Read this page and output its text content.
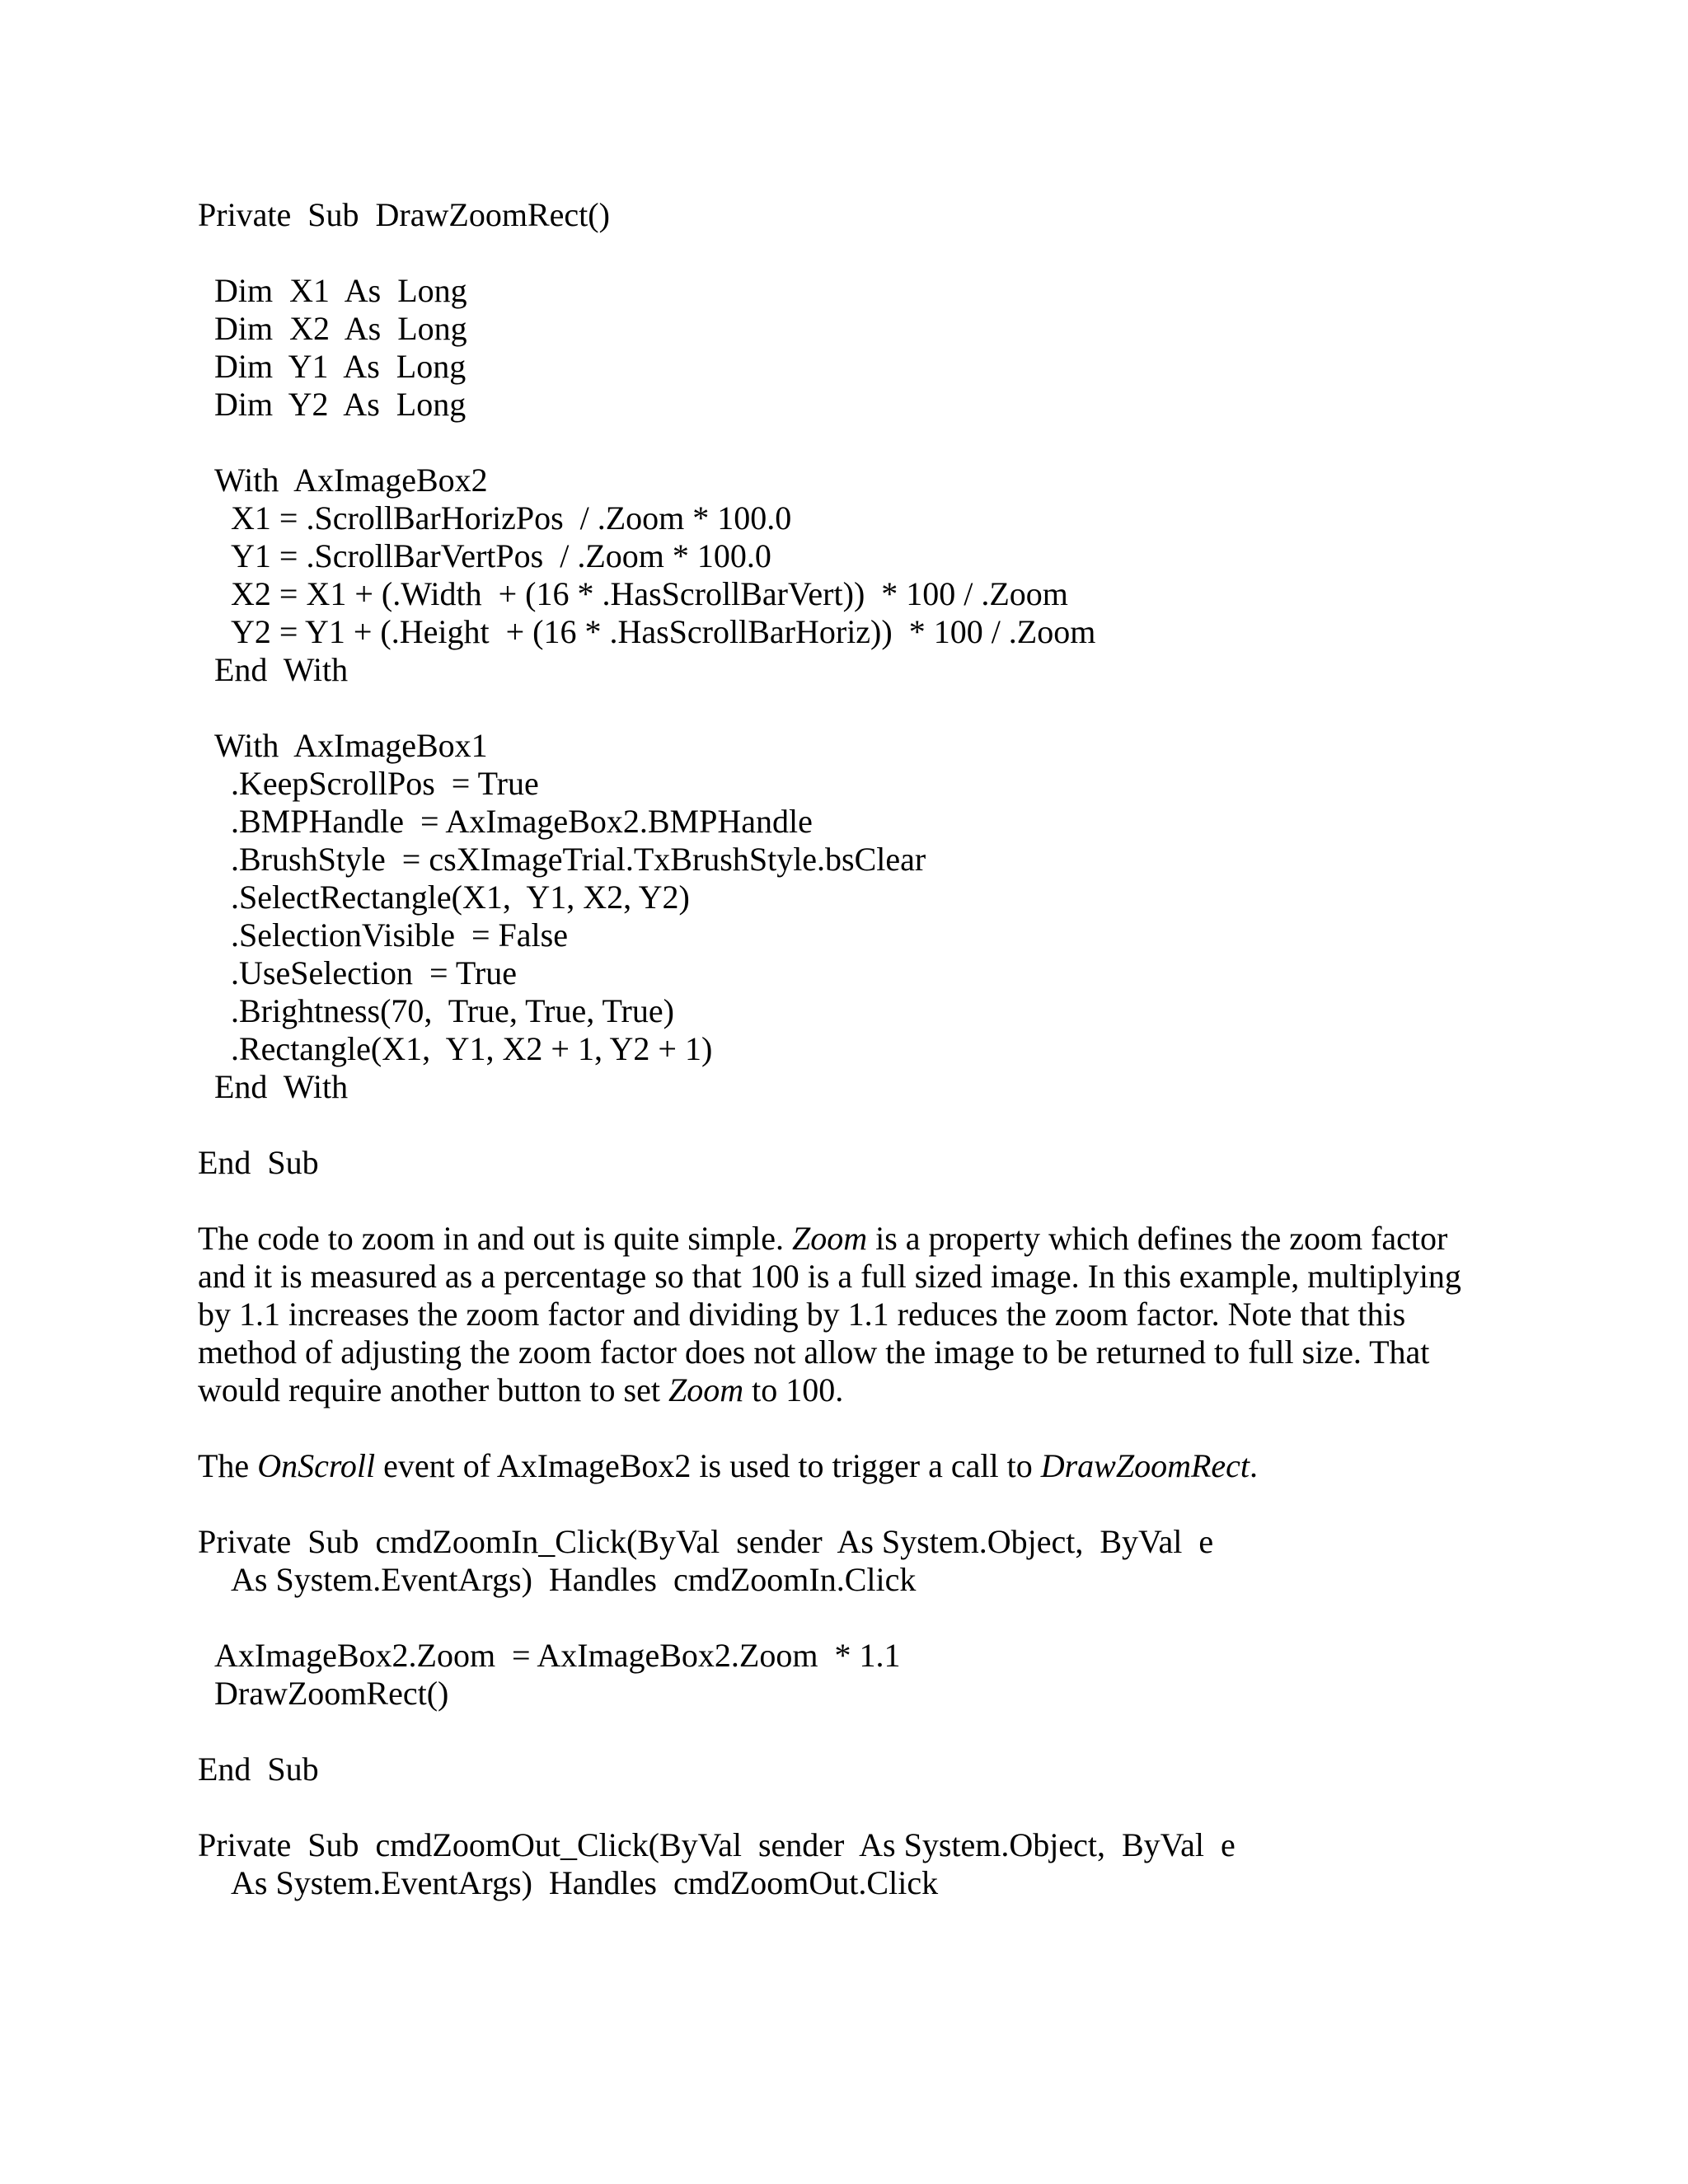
Private  Sub  DrawZoomRect()
Dim  X1  As  Long
Dim  X2  As  Long
Dim  Y1  As  Long
Dim  Y2  As  Long
With  AxImageBox2
X1 = .ScrollBarHorizPos  / .Zoom * 100.0
Y1 = .ScrollBarVertPos  / .Zoom * 100.0
X2 = X1 + (.Width  + (16 * .HasScrollBarVert))  * 100 / .Zoom
Y2 = Y1 + (.Height  + (16 * .HasScrollBarHoriz))  * 100 / .Zoom
End  With
With  AxImageBox1
.KeepScrollPos  = True
.BMPHandle  = AxImageBox2.BMPHandle
.BrushStyle  = csXImageTrial.TxBrushStyle.bsClear
.SelectRectangle(X1,  Y1, X2, Y2)
.SelectionVisible  = False
.UseSelection  = True
.Brightness(70,  True, True, True)
.Rectangle(X1,  Y1, X2 + 1, Y2 + 1)
End  With
End  Sub
The code to zoom in and out is quite simple. Zoom is a property which defines the zoom factor
and it is measured as a percentage so that 100 is a full sized image. In this example, multiplying
by 1.1 increases the zoom factor and dividing by 1.1 reduces the zoom factor. Note that this
method of adjusting the zoom factor does not allow the image to be returned to full size. That
would require another button to set Zoom to 100.
The OnScroll event of AxImageBox2 is used to trigger a call to DrawZoomRect.
Private  Sub  cmdZoomIn_Click(ByVal  sender  As System.Object,  ByVal  e
As System.EventArgs)  Handles  cmdZoomIn.Click
AxImageBox2.Zoom  = AxImageBox2.Zoom  * 1.1
DrawZoomRect()
End  Sub
Private  Sub  cmdZoomOut_Click(ByVal  sender  As System.Object,  ByVal  e
As System.EventArgs)  Handles  cmdZoomOut.Click
